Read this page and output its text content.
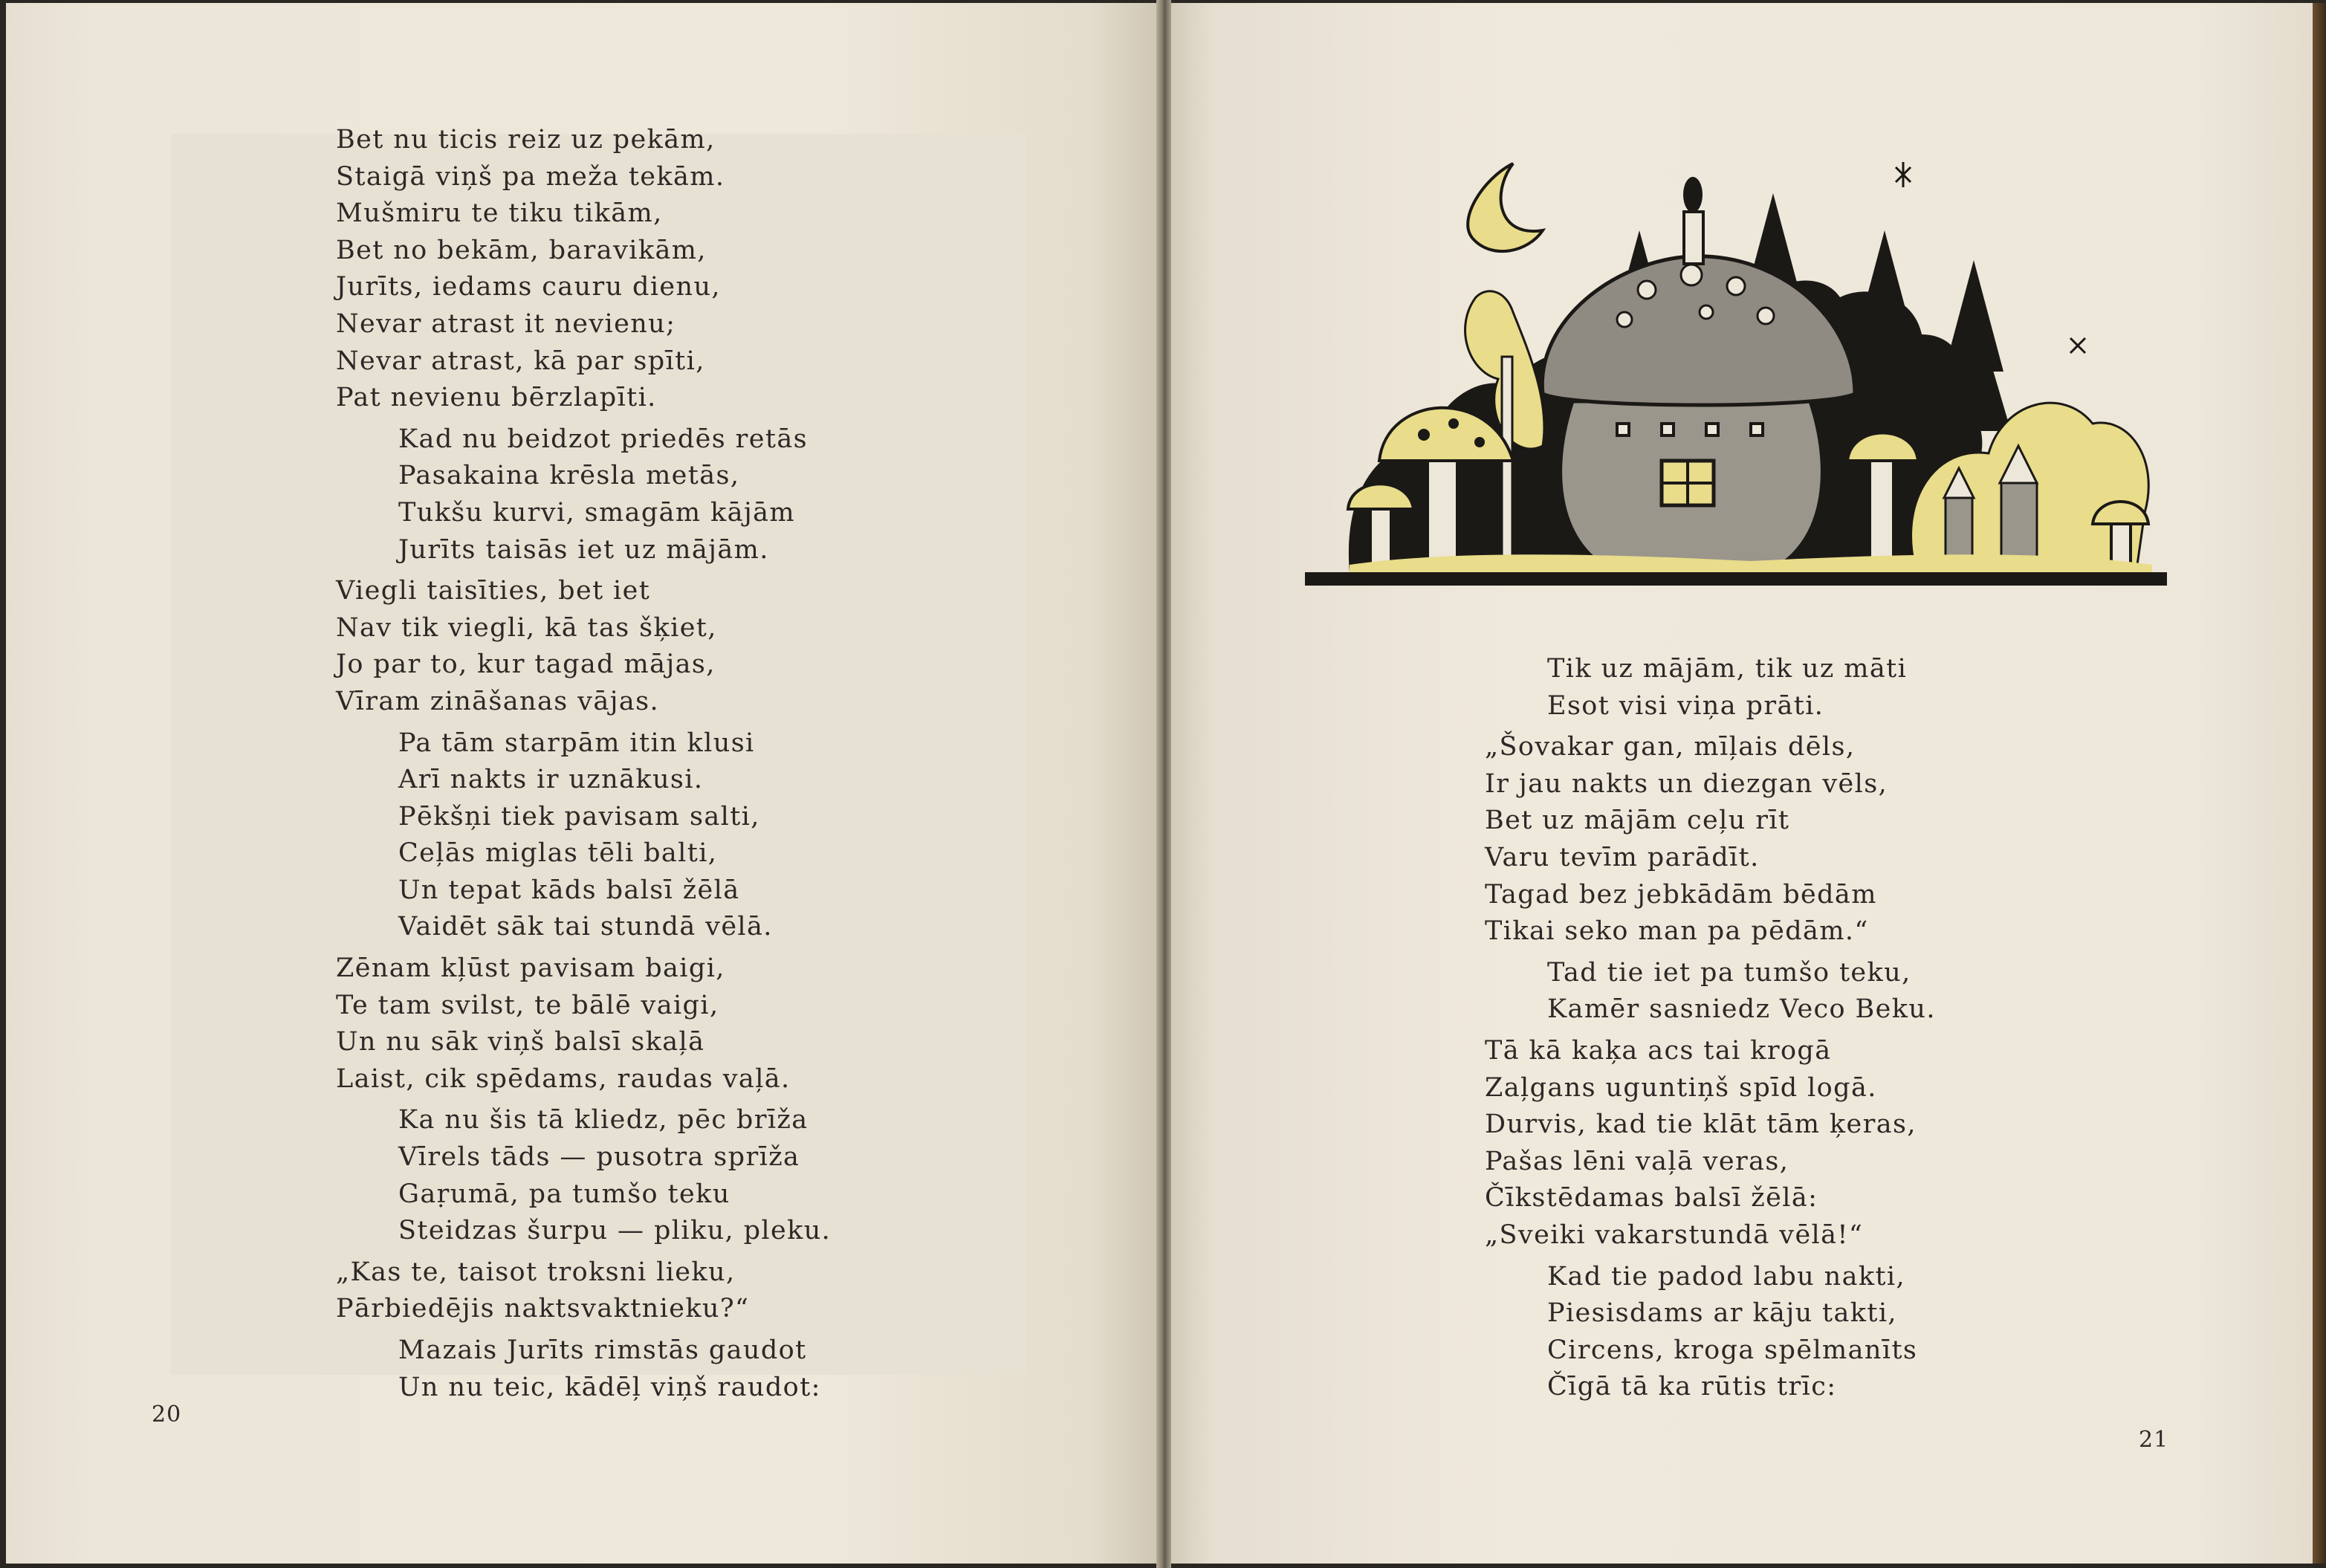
Bet nu ticis reiz uz pekām,
Staigā viņš pa meža tekām.
Mušmiru te tiku tikām,
Bet no bekām, baravikām,
Jurīts, iedams cauru dienu,
Nevar atrast it nevienu;
Nevar atrast, kā par spīti,
Pat nevienu bērzlapīti.
Kad nu beidzot priedēs retās
Pasakaina krēsla metās,
Tukšu kurvi, smagām kājām
Jurīts taisās iet uz mājām.
Viegli taisīties, bet iet
Nav tik viegli, kā tas šķiet,
Jo par to, kur tagad mājas,
Vīram zināšanas vājas.
Pa tām starpām itin klusi
Arī nakts ir uznākusi.
Pēkšņi tiek pavisam salti,
Ceļās miglas tēli balti,
Un tepat kāds balsī žēlā
Vaidēt sāk tai stundā vēlā.
Zēnam kļūst pavisam baigi,
Te tam svilst, te bālē vaigi,
Un nu sāk viņš balsī skaļā
Laist, cik spēdams, raudas vaļā.
Ka nu šis tā kliedz, pēc brīža
Vīrels tāds — pusotra sprīža
Gaṛumā, pa tumšo teku
Steidzas šurpu — pliku, pleku.
„Kas te, taisot troksni lieku,
Pārbiedējis naktsvaktnieku?“
Mazais Jurīts rimstās gaudot
Un nu teic, kādēļ viņš raudot:
20
Tik uz mājām, tik uz māti
Esot visi viņa prāti.
„Šovakar gan, mīļais dēls,
Ir jau nakts un diezgan vēls,
Bet uz mājām ceļu rīt
Varu tevīm parādīt.
Tagad bez jebkādām bēdām
Tikai seko man pa pēdām.“
Tad tie iet pa tumšo teku,
Kamēr sasniedz Veco Beku.
Tā kā kaķa acs tai krogā
Zaļgans uguntiņš spīd logā.
Durvis, kad tie klāt tām ķeras,
Pašas lēni vaļā veras,
Čīkstēdamas balsī žēlā:
„Sveiki vakarstundā vēlā!“
Kad tie padod labu nakti,
Piesisdams ar kāju takti,
Circens, kroga spēlmanīts
Čīgā tā ka rūtis trīc:
21
